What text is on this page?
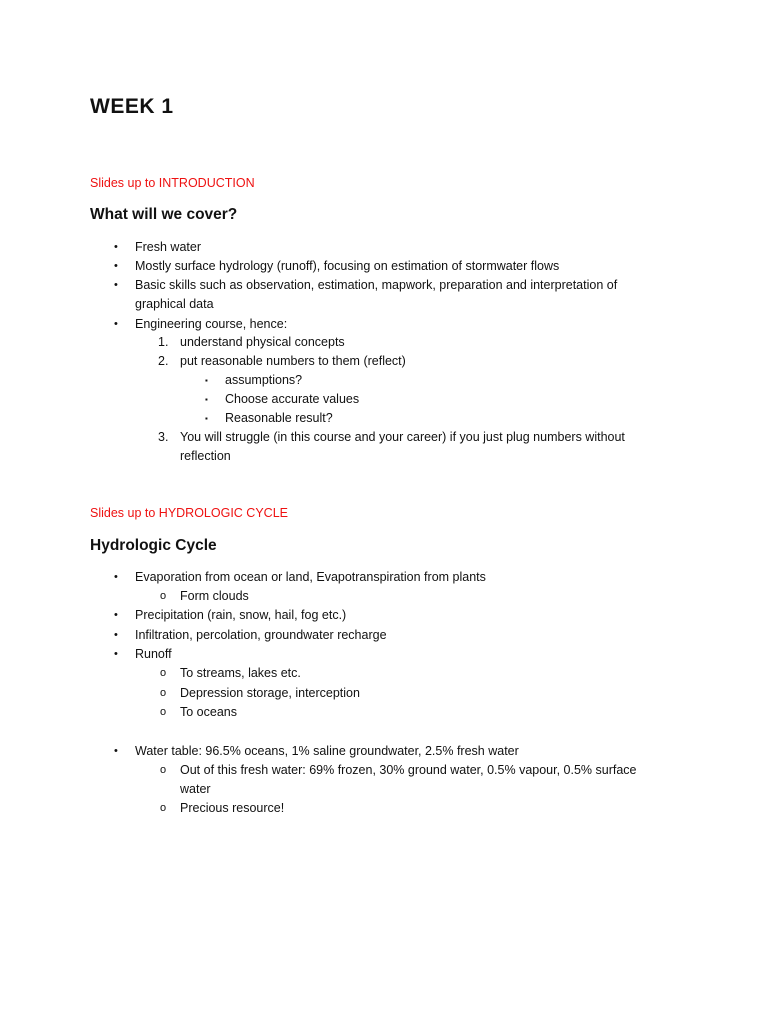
WEEK 1
Slides up to INTRODUCTION
What will we cover?
• Fresh water
• Mostly surface hydrology (runoff), focusing on estimation of stormwater flows
• Basic skills such as observation, estimation, mapwork, preparation and interpretation of
graphical data
• Engineering course, hence:
1. understand physical concepts
2. put reasonable numbers to them (reflect)
▪ assumptions?
▪ Choose accurate values
▪ Reasonable result?
3. You will struggle (in this course and your career) if you just plug numbers without
reflection
Slides up to HYDROLOGIC CYCLE
Hydrologic Cycle
• Evaporation from ocean or land, Evapotranspiration from plants
o Form clouds
• Precipitation (rain, snow, hail, fog etc.)
• Infiltration, percolation, groundwater recharge
• Runoff
o To streams, lakes etc.
o Depression storage, interception
o To oceans
• Water table: 96.5% oceans, 1% saline groundwater, 2.5% fresh water
o Out of this fresh water: 69% frozen, 30% ground water, 0.5% vapour, 0.5% surface
water
o Precious resource!
